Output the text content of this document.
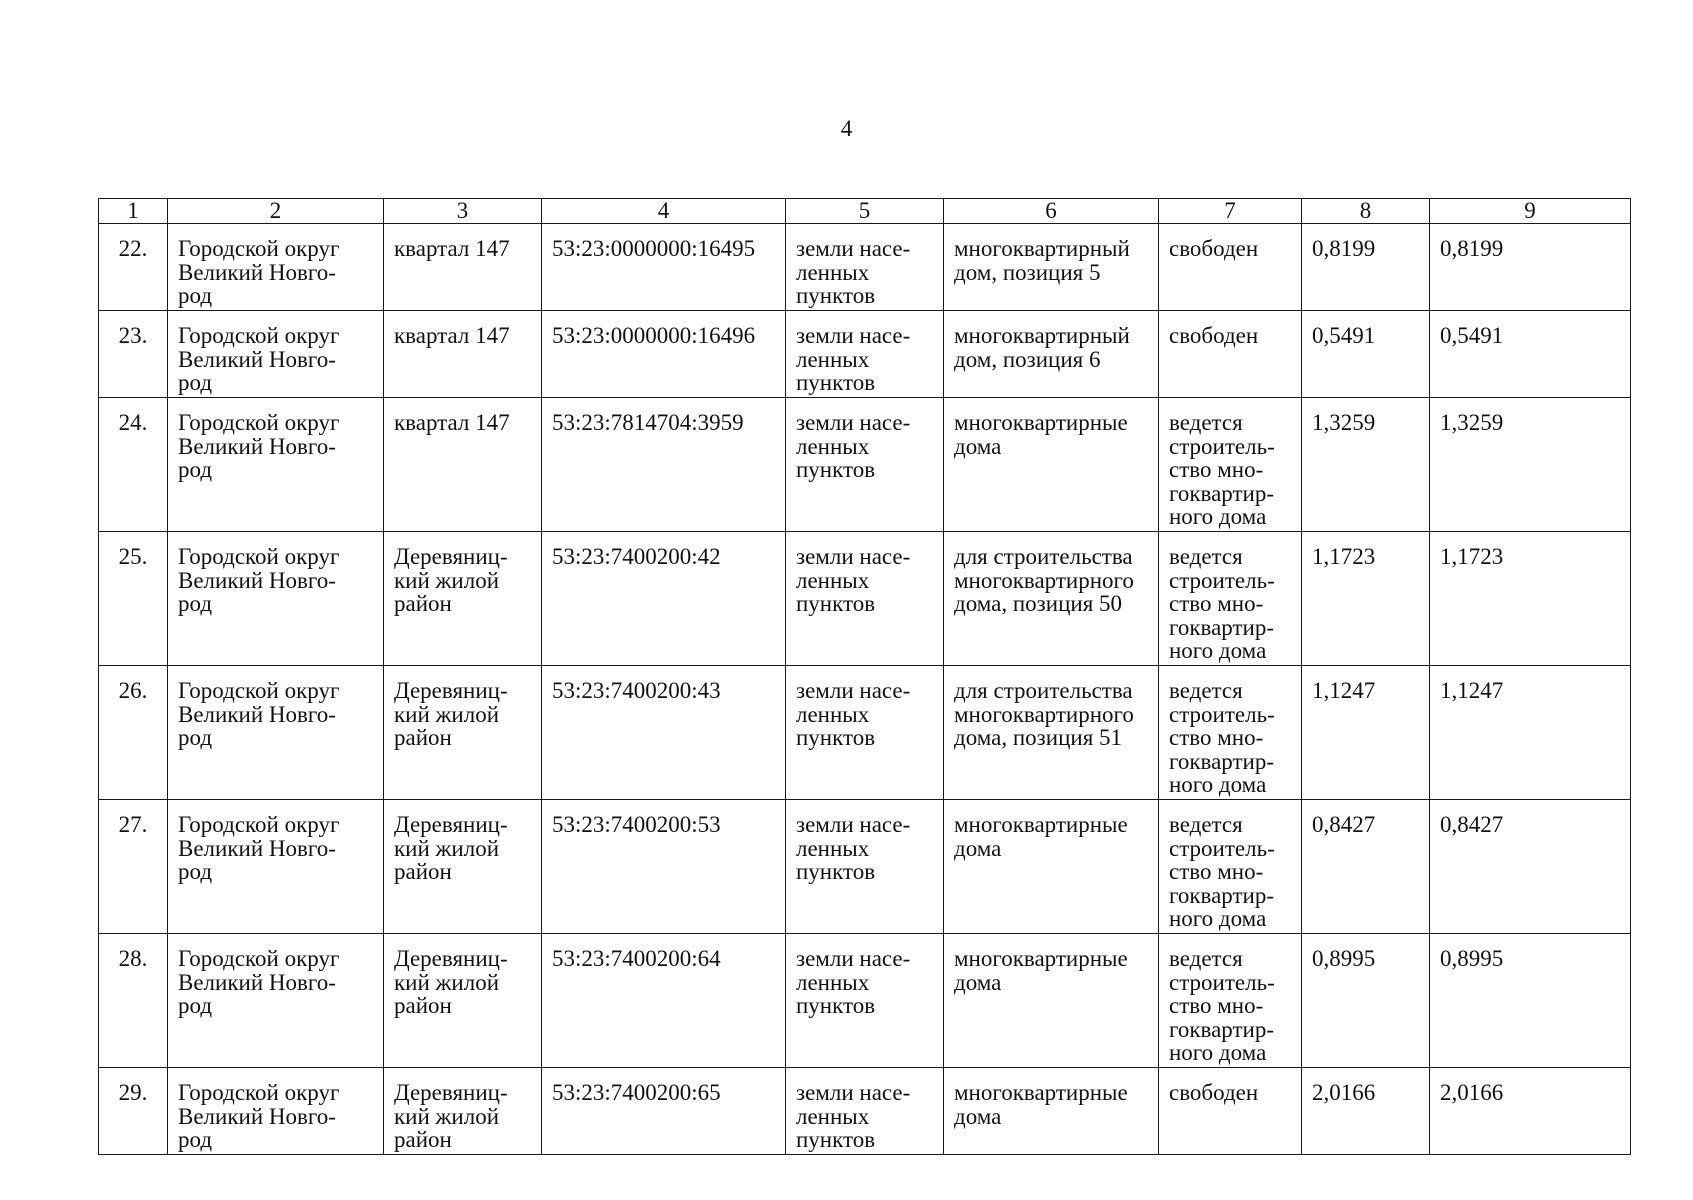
4
1	2	3	4	5	6	7	8	9

22.	Городской округ
Великий Новго-
род	квартал 147	53:23:0000000:16495	земли насе-
ленных
пунктов	многоквартирный
дом, позиция 5	свободен	0,8199	0,8199

23.	Городской округ
Великий Новго-
род	квартал 147	53:23:0000000:16496	земли насе-
ленных
пунктов	многоквартирный
дом, позиция 6	свободен	0,5491	0,5491

24.	Городской округ
Великий Новго-
род	квартал 147	53:23:7814704:3959	земли насе-
ленных
пунктов	многоквартирные
дома	ведется
строитель-
ство мно-
гоквартир-
ного дома	1,3259	1,3259

25.	Городской округ
Великий Новго-
род	Деревяниц-
кий жилой
район	53:23:7400200:42	земли насе-
ленных
пунктов	для строительства
многоквартирного
дома, позиция 50	ведется
строитель-
ство мно-
гоквартир-
ного дома	1,1723	1,1723

26.	Городской округ
Великий Новго-
род	Деревяниц-
кий жилой
район	53:23:7400200:43	земли насе-
ленных
пунктов	для строительства
многоквартирного
дома, позиция 51	ведется
строитель-
ство мно-
гоквартир-
ного дома	1,1247	1,1247

27.	Городской округ
Великий Новго-
род	Деревяниц-
кий жилой
район	53:23:7400200:53	земли насе-
ленных
пунктов	многоквартирные
дома	ведется
строитель-
ство мно-
гоквартир-
ного дома	0,8427	0,8427

28.	Городской округ
Великий Новго-
род	Деревяниц-
кий жилой
район	53:23:7400200:64	земли насе-
ленных
пунктов	многоквартирные
дома	ведется
строитель-
ство мно-
гоквартир-
ного дома	0,8995	0,8995

29.	Городской округ
Великий Новго-
род	Деревяниц-
кий жилой
район	53:23:7400200:65	земли насе-
ленных
пунктов	многоквартирные
дома	свободен	2,0166	2,0166
